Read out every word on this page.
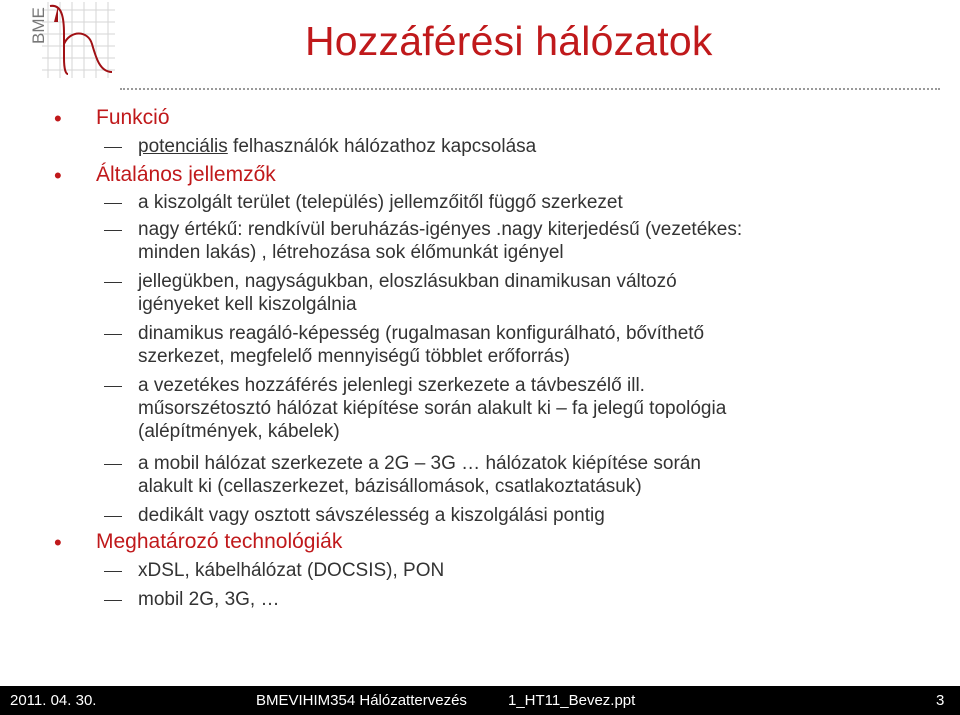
BME	Hozzáférési hálózatok
• Funkció
potenciális felhasználók hálózathoz kapcsolása
• Általános jellemzők
a kiszolgált terület (település) jellemzőitől függő szerkezet
nagy értékű: rendkívül beruházás-igényes .nagy kiterjedésű (vezetékes:
minden lakás) , létrehozása sok élőmunkát igényel
jellegükben, nagyságukban, eloszlásukban dinamikusan változó
igényeket kell kiszolgálnia
dinamikus reagáló-képesség (rugalmasan konfigurálható, bővíthető
szerkezet, megfelelő mennyiségű többlet erőforrás)
a vezetékes hozzáférés jelenlegi szerkezete a távbeszélő ill.
műsorszétosztó hálózat kiépítése során alakult ki – fa jelegű topológia
(alépítmények, kábelek)
a mobil hálózat szerkezete a 2G – 3G … hálózatok kiépítése során
alakult ki (cellaszerkezet, bázisállomások, csatlakoztatásuk)
dedikált vagy osztott sávszélesség a kiszolgálási pontig
• Meghatározó technológiák
xDSL, kábelhálózat (DOCSIS), PON
mobil 2G, 3G, …
2011. 04. 30.	BMEVIHIM354 Hálózattervezés	1_HT11_Bevez.ppt	3
